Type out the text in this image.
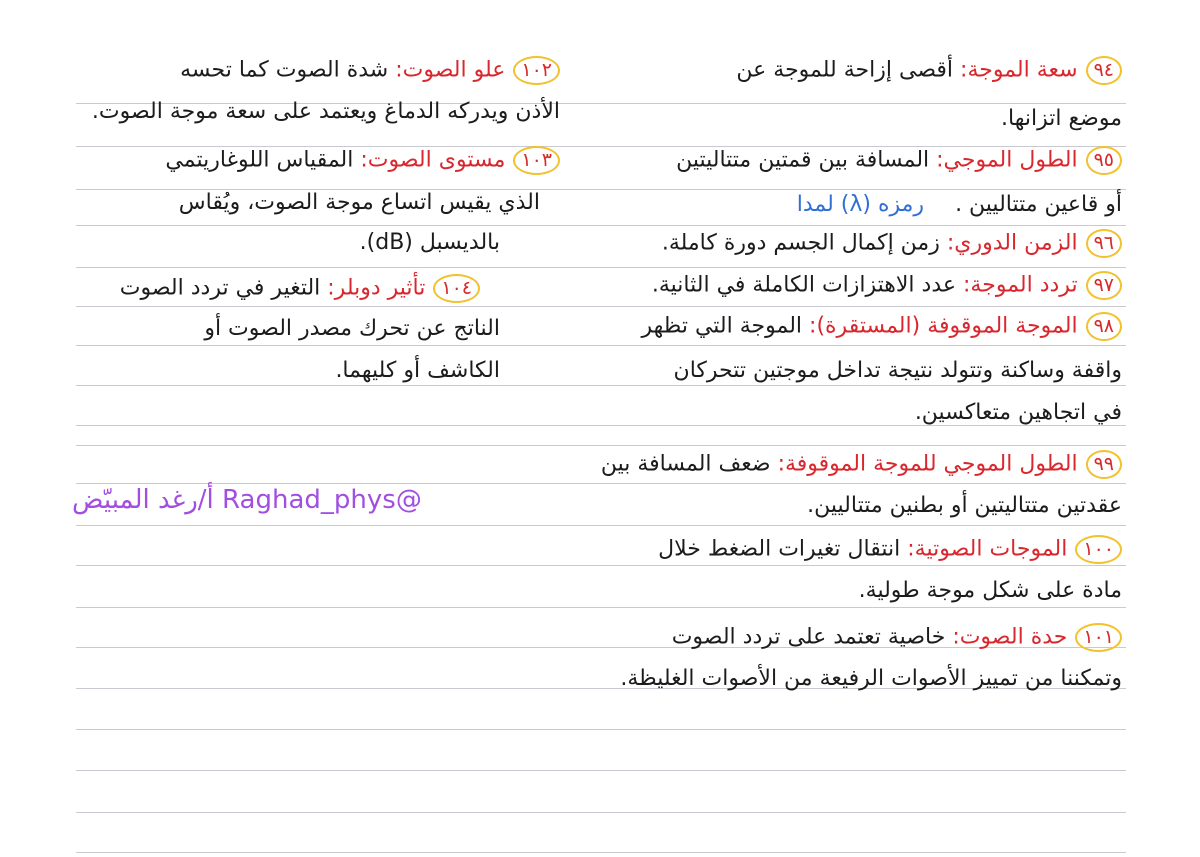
٩٤سعة الموجة: أقصى إزاحة للموجة عن
موضع اتزانها.
٩٥الطول الموجي: المسافة بين قمتين متتاليتين
أو قاعين متتاليين . رمزه (λ) لمدا
٩٦الزمن الدوري: زمن إكمال الجسم دورة كاملة.
٩٧تردد الموجة: عدد الاهتزازات الكاملة في الثانية.
٩٨الموجة الموقوفة (المستقرة): الموجة التي تظهر
واقفة وساكنة وتتولد نتيجة تداخل موجتين تتحركان
في اتجاهين متعاكسين.
٩٩الطول الموجي للموجة الموقوفة: ضعف المسافة بين
عقدتين متتاليتين أو بطنين متتاليين.
١٠٠الموجات الصوتية: انتقال تغيرات الضغط خلال
مادة على شكل موجة طولية.
١٠١حدة الصوت: خاصية تعتمد على تردد الصوت
وتمكننا من تمييز الأصوات الرفيعة من الأصوات الغليظة.
١٠٢علو الصوت: شدة الصوت كما تحسه
الأذن ويدركه الدماغ ويعتمد على سعة موجة الصوت.
١٠٣مستوى الصوت: المقياس اللوغاريتمي
الذي يقيس اتساع موجة الصوت، ويُقاس
بالديسبل (dB).
١٠٤تأثير دوبلر: التغير في تردد الصوت
الناتج عن تحرك مصدر الصوت أو
الكاشف أو كليهما.
@Raghad_phys أ/رغد المبيّض
